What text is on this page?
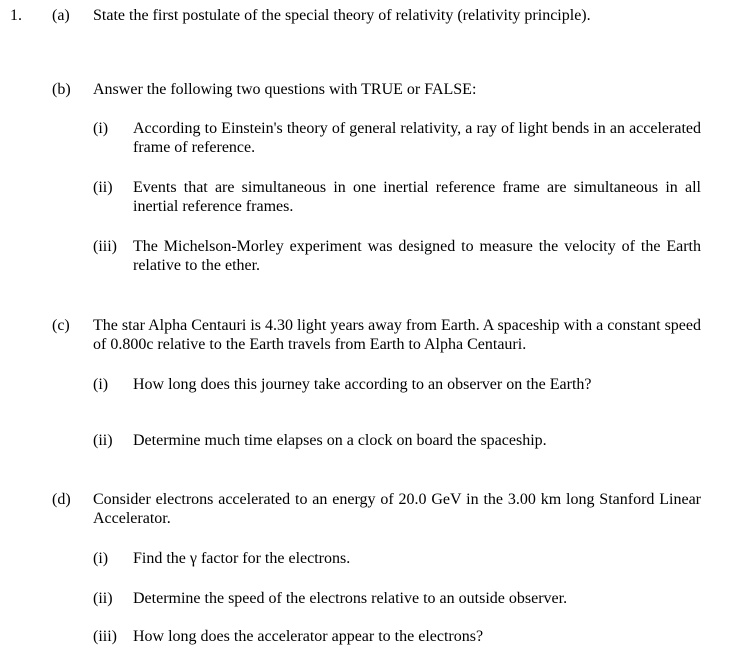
1. (a) State the first postulate of the special theory of relativity (relativity principle).
(b) Answer the following two questions with TRUE or FALSE:
(i) According to Einstein's theory of general relativity, a ray of light bends in an accelerated frame of reference.
(ii) Events that are simultaneous in one inertial reference frame are simultaneous in all inertial reference frames.
(iii) The Michelson-Morley experiment was designed to measure the velocity of the Earth relative to the ether.
(c) The star Alpha Centauri is 4.30 light years away from Earth. A spaceship with a constant speed of 0.800c relative to the Earth travels from Earth to Alpha Centauri.
(i) How long does this journey take according to an observer on the Earth?
(ii) Determine much time elapses on a clock on board the spaceship.
(d) Consider electrons accelerated to an energy of 20.0 GeV in the 3.00 km long Stanford Linear Accelerator.
(i) Find the γ factor for the electrons.
(ii) Determine the speed of the electrons relative to an outside observer.
(iii) How long does the accelerator appear to the electrons?
